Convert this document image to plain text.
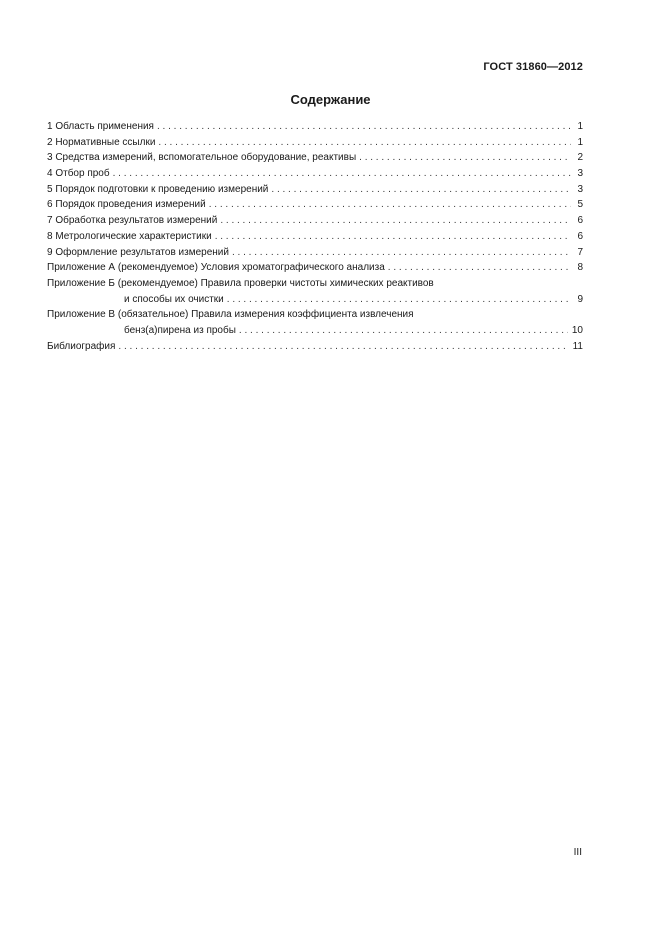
ГОСТ 31860—2012
Содержание
1 Область применения . . .	1
2 Нормативные ссылки . . .	1
3 Средства измерений, вспомогательное оборудование, реактивы . . .	2
4 Отбор проб . . .	3
5 Порядок подготовки к проведению измерений . . .	3
6 Порядок проведения измерений . . .	5
7 Обработка результатов измерений . . .	6
8 Метрологические характеристики . . .	6
9 Оформление результатов измерений . . .	7
Приложение А (рекомендуемое) Условия хроматографического анализа . . .	8
Приложение Б (рекомендуемое) Правила проверки чистоты химических реактивов
и способы их очистки . . .	9
Приложение В (обязательное) Правила измерения коэффициента извлечения
бенз(а)пирена из пробы . . .	10
Библиография . . .	11
III
